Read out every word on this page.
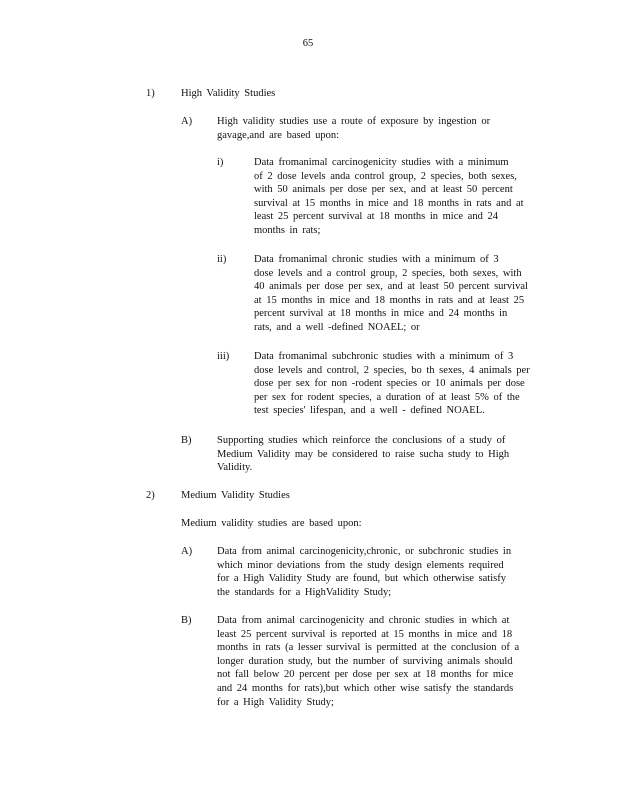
65
1)	High Validity Studies
A) High validity studies use a route of exposure by ingestion or
gavage,and are based upon:
i)	Data fromanimal carcinogenicity studies with a minimum
of 2 dose levels anda control group, 2 species, both sexes,
with 50 animals per dose per sex, and at least 50 percent
survival at 15 months in mice and 18 months in rats and at
least 25 percent survival at 18 months in mice and 24
months in rats;
ii)	Data fromanimal chronic studies with a minimum of 3
dose levels and a control group, 2 species, both sexes, with
40 animals per dose per sex, and at least 50 percent survival
at 15 months in mice and 18 months in rats and at least 25
percent survival at 18 months in mice and 24 months in
rats, and a well -defined NOAEL; or
iii) Data fromanimal subchronic studies with a minimum of 3
dose levels and control, 2 species, bo th sexes, 4 animals per
dose per sex for non -rodent species or 10 animals per dose
per sex for rodent species, a duration of at least 5% of the
test species' lifespan, and a well - defined NOAEL.
B) Supporting studies which reinforce the conclusions of a study of
Medium Validity may be considered to raise sucha study to High
Validity.
2)	Medium Validity Studies
Medium validity studies are based upon:
A) Data from animal carcinogenicity,chronic, or subchronic studies in
which minor deviations from the study design elements required
for a High Validity Study are found, but which otherwise satisfy
the standards for a HighValidity Study;
B) Data from animal carcinogenicity and chronic studies in which at
least 25 percent survival is reported at 15 months in mice and 18
months in rats (a lesser survival is permitted at the conclusion of a
longer duration study, but the number of surviving animals should
not fall below 20 percent per dose per sex at 18 months for mice
and 24 months for rats),but which other wise satisfy the standards
for a High Validity Study;
